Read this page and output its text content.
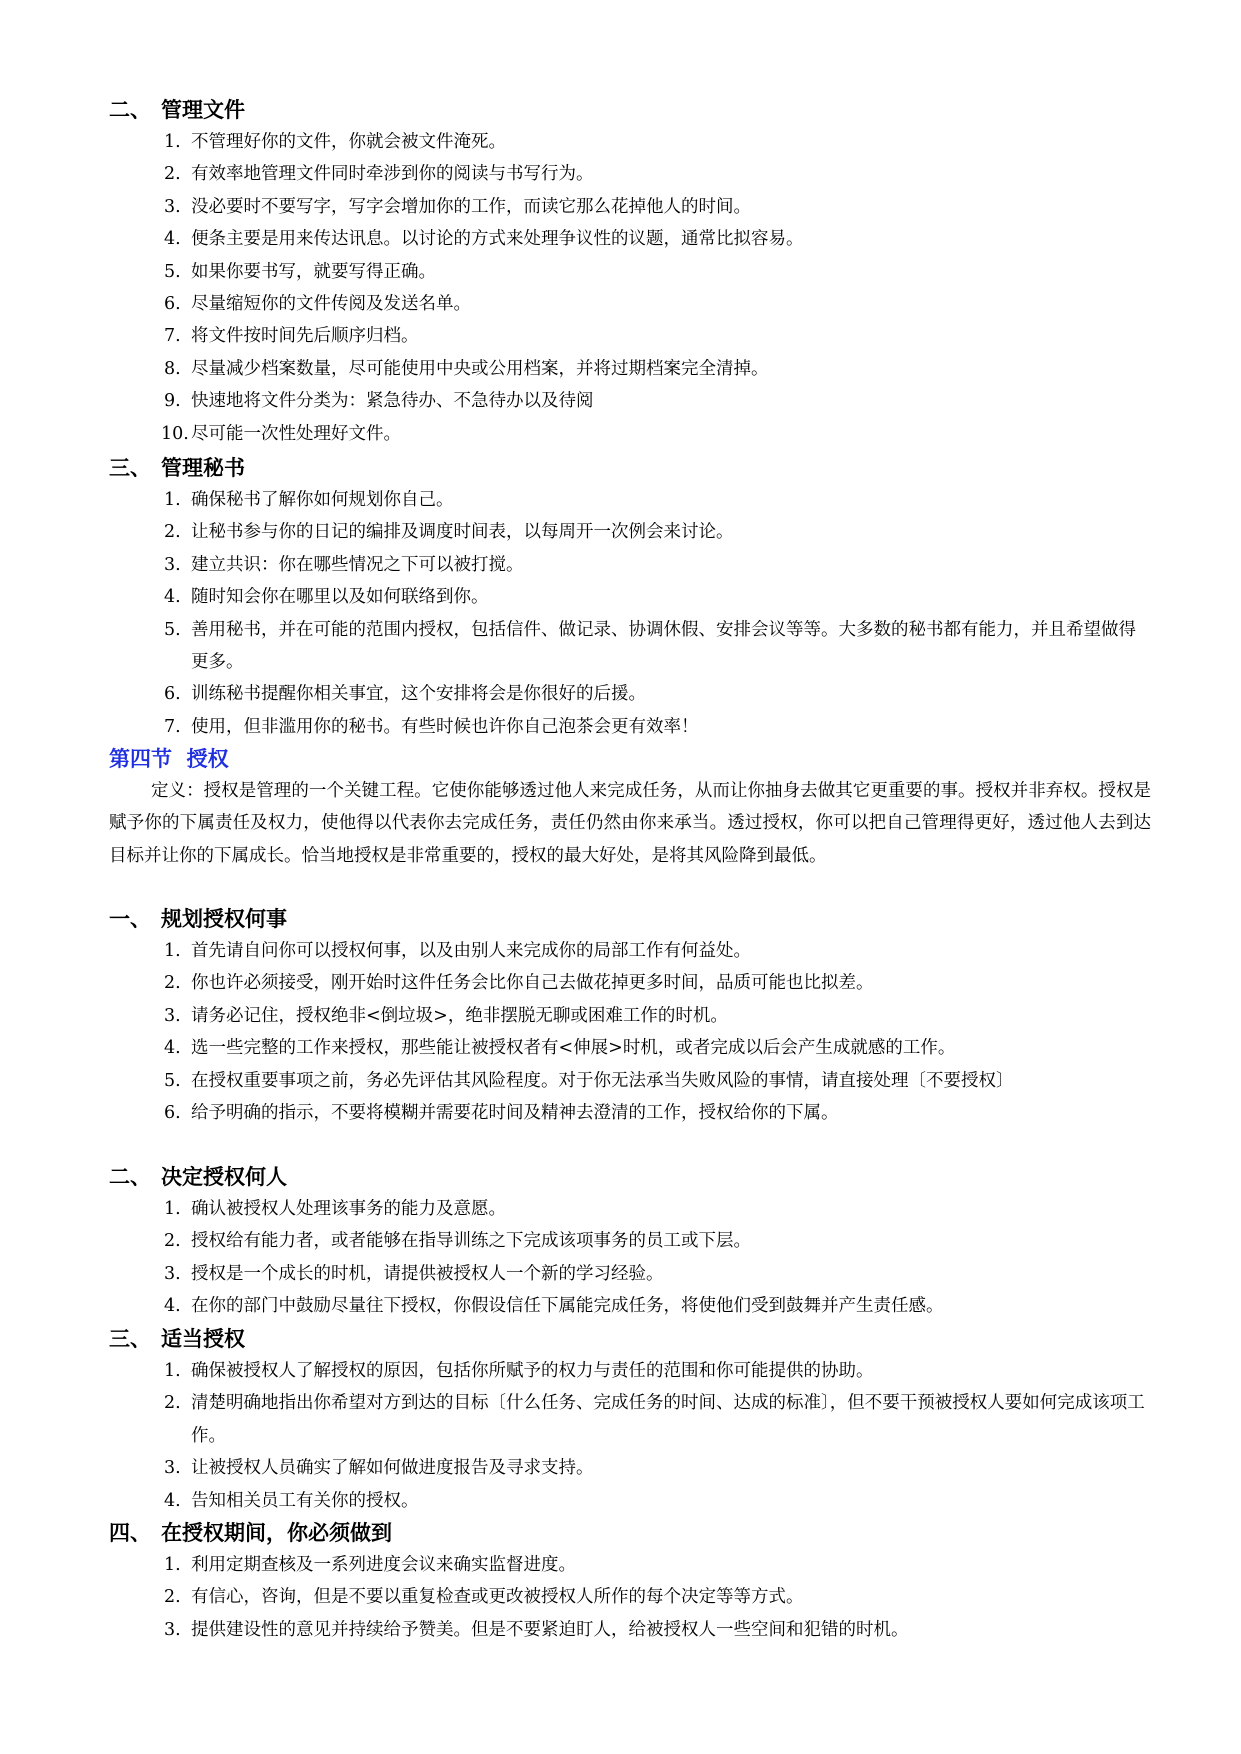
二、 管理文件
1. 不管理好你的文件，你就会被文件淹死。
2. 有效率地管理文件同时牵涉到你的阅读与书写行为。
3. 没必要时不要写字，写字会增加你的工作，而读它那么花掉他人的时间。
4. 便条主要是用来传达讯息。以讨论的方式来处理争议性的议题，通常比拟容易。
5. 如果你要书写，就要写得正确。
6. 尽量缩短你的文件传阅及发送名单。
7. 将文件按时间先后顺序归档。
8. 尽量减少档案数量，尽可能使用中央或公用档案，并将过期档案完全清掉。
9. 快速地将文件分类为：紧急待办、不急待办以及待阅
10. 尽可能一次性处理好文件。
三、 管理秘书
1. 确保秘书了解你如何规划你自己。
2. 让秘书参与你的日记的编排及调度时间表，以每周开一次例会来讨论。
3. 建立共识：你在哪些情况之下可以被打搅。
4. 随时知会你在哪里以及如何联络到你。
5. 善用秘书，并在可能的范围内授权，包括信件、做记录、协调休假、安排会议等等。大多数的秘书都有能力，并且希望做得更多。
6. 训练秘书提醒你相关事宜，这个安排将会是你很好的后援。
7. 使用，但非滥用你的秘书。有些时候也许你自己泡茶会更有效率！
第四节  授权
定义：授权是管理的一个关键工程。它使你能够透过他人来完成任务，从而让你抽身去做其它更重要的事。授权并非弃权。授权是赋予你的下属责任及权力，使他得以代表你去完成任务，责任仍然由你来承当。透过授权，你可以把自己管理得更好，透过他人去到达目标并让你的下属成长。恰当地授权是非常重要的，授权的最大好处，是将其风险降到最低。
一、 规划授权何事
1. 首先请自问你可以授权何事，以及由别人来完成你的局部工作有何益处。
2. 你也许必须接受，刚开始时这件任务会比你自己去做花掉更多时间，品质可能也比拟差。
3. 请务必记住，授权绝非<倒垃圾>，绝非摆脱无聊或困难工作的时机。
4. 选一些完整的工作来授权，那些能让被授权者有<伸展>时机，或者完成以后会产生成就感的工作。
5. 在授权重要事项之前，务必先评估其风险程度。对于你无法承当失败风险的事情，请直接处理〔不要授权〕
6. 给予明确的指示，不要将模糊并需要花时间及精神去澄清的工作，授权给你的下属。
二、 决定授权何人
1. 确认被授权人处理该事务的能力及意愿。
2. 授权给有能力者，或者能够在指导训练之下完成该项事务的员工或下层。
3. 授权是一个成长的时机，请提供被授权人一个新的学习经验。
4. 在你的部门中鼓励尽量往下授权，你假设信任下属能完成任务，将使他们受到鼓舞并产生责任感。
三、 适当授权
1. 确保被授权人了解授权的原因，包括你所赋予的权力与责任的范围和你可能提供的协助。
2. 清楚明确地指出你希望对方到达的目标〔什么任务、完成任务的时间、达成的标准〕，但不要干预被授权人要如何完成该项工作。
3. 让被授权人员确实了解如何做进度报告及寻求支持。
4. 告知相关员工有关你的授权。
四、 在授权期间，你必须做到
1. 利用定期查核及一系列进度会议来确实监督进度。
2. 有信心，咨询，但是不要以重复检查或更改被授权人所作的每个决定等等方式。
3. 提供建设性的意见并持续给予赞美。但是不要紧迫盯人，给被授权人一些空间和犯错的时机。
